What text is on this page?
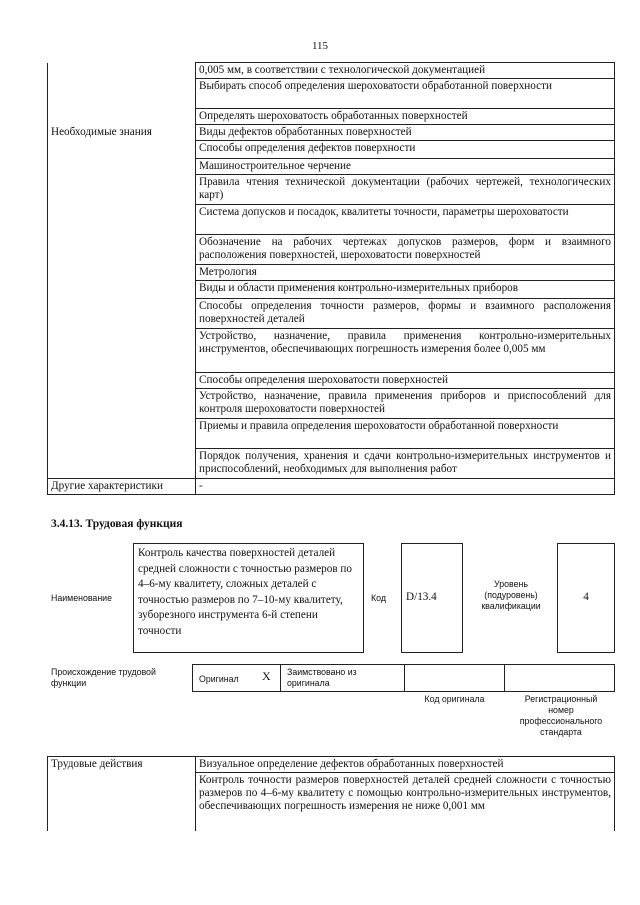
115
	0,005 мм, в соответствии с технологической документацией
	Выбирать способ определения шероховатости обработанной поверхности
	Определять шероховатость обработанных поверхностей
Необходимые знания	Виды дефектов обработанных поверхностей
	Способы определения дефектов поверхности
	Машиностроительное черчение
	Правила чтения технической документации (рабочих чертежей, технологических карт)
	Система допусков и посадок, квалитеты точности, параметры шероховатости
	Обозначение на рабочих чертежах допусков размеров, форм и взаимного расположения поверхностей, шероховатости поверхностей
	Метрология
	Виды и области применения контрольно-измерительных приборов
	Способы определения точности размеров, формы и взаимного расположения поверхностей деталей
	Устройство, назначение, правила применения контрольно-измерительных инструментов, обеспечивающих погрешность измерения более 0,005 мм
	Способы определения шероховатости поверхностей
	Устройство, назначение, правила применения приборов и приспособлений для контроля шероховатости поверхностей
	Приемы и правила определения шероховатости обработанной поверхности
	Порядок получения, хранения и сдачи контрольно-измерительных инструментов и приспособлений, необходимых для выполнения работ
Другие характеристики	-
3.4.13. Трудовая функция
Наименование
Контроль качества поверхностей деталей средней сложности с точностью размеров по 4–6-му квалитету, сложных деталей с точностью размеров по 7–10-му квалитету, зуборезного инструмента 6-й степени точности
Код	D/13.4
Уровень (подуровень) квалификации
4
Происхождение трудовой функции	Оригинал X	Заимствовано из оригинала
Код оригинала	Регистрационный номер профессионального стандарта
Трудовые действия	Визуальное определение дефектов обработанных поверхностей
	Контроль точности размеров поверхностей деталей средней сложности с точностью размеров по 4–6-му квалитету с помощью контрольно-измерительных инструментов, обеспечивающих погрешность измерения не ниже 0,001 мм
